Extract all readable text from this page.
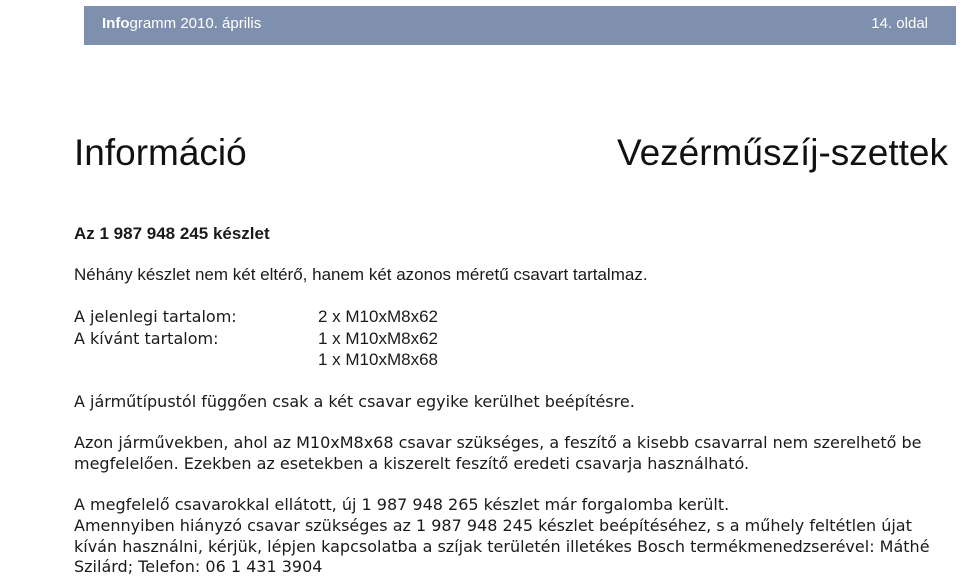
Infogramm 2010. április	14. oldal
Információ	Vezérműszíj-szettek
Az 1 987 948 245 készlet
Néhány készlet nem két eltérő, hanem két azonos méretű csavart tartalmaz.
A jelenlegi tartalom:	2 x M10xM8x62
A kívánt tartalom:	1 x M10xM8x62
1 x M10xM8x68
A járműtípustól függően csak a két csavar egyike kerülhet beépítésre.
Azon járművekben, ahol az M10xM8x68 csavar szükséges, a feszítő a kisebb csavarral nem szerelhető be
megfelelően. Ezekben az esetekben a kiszerelt feszítő eredeti csavarja használható.
A megfelelő csavarokkal ellátott, új 1 987 948 265 készlet már forgalomba került.
Amennyiben hiányzó csavar szükséges az 1 987 948 245 készlet beépítéséhez, s a műhely feltétlen újat
kíván használni, kérjük, lépjen kapcsolatba a szíjak területén illetékes Bosch termékmenedzserével: Máthé
Szilárd; Telefon: 06 1 431 3904
